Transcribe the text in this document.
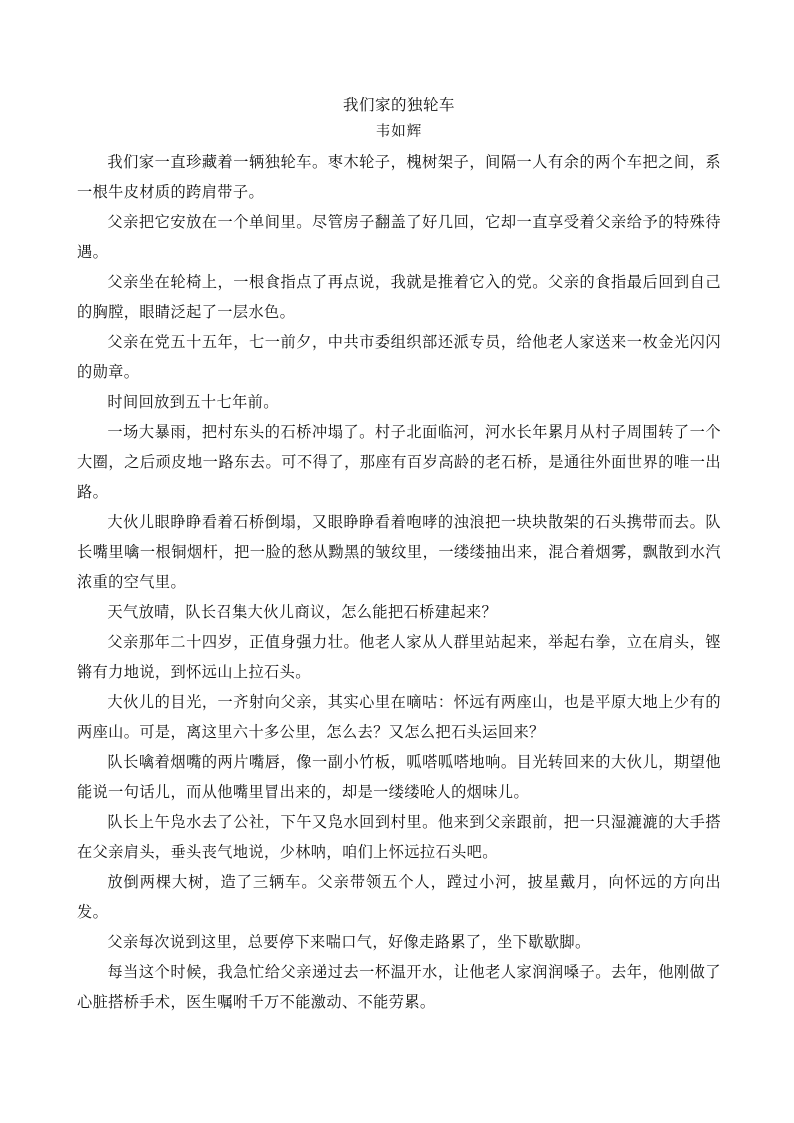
我们家的独轮车
韦如辉

我们家一直珍藏着一辆独轮车。枣木轮子，槐树架子，间隔一人有余的两个车把之间，系一根牛皮材质的跨肩带子。

父亲把它安放在一个单间里。尽管房子翻盖了好几回，它却一直享受着父亲给予的特殊待遇。

父亲坐在轮椅上，一根食指点了再点说，我就是推着它入的党。父亲的食指最后回到自己的胸膛，眼睛泛起了一层水色。

父亲在党五十五年，七一前夕，中共市委组织部还派专员，给他老人家送来一枚金光闪闪的勋章。

时间回放到五十七年前。

一场大暴雨，把村东头的石桥冲塌了。村子北面临河，河水长年累月从村子周围转了一个大圈，之后顽皮地一路东去。可不得了，那座有百岁高龄的老石桥，是通往外面世界的唯一出路。

大伙儿眼睁睁看着石桥倒塌，又眼睁睁看着咆哮的浊浪把一块块散架的石头携带而去。队长嘴里噙一根铜烟杆，把一脸的愁从黝黑的皱纹里，一缕缕抽出来，混合着烟雾，飘散到水汽浓重的空气里。

天气放晴，队长召集大伙儿商议，怎么能把石桥建起来？

父亲那年二十四岁，正值身强力壮。他老人家从人群里站起来，举起右拳，立在肩头，铿锵有力地说，到怀远山上拉石头。

大伙儿的目光，一齐射向父亲，其实心里在嘀咕：怀远有两座山，也是平原大地上少有的两座山。可是，离这里六十多公里，怎么去？又怎么把石头运回来？

队长噙着烟嘴的两片嘴唇，像一副小竹板，呱嗒呱嗒地响。目光转回来的大伙儿，期望他能说一句话儿，而从他嘴里冒出来的，却是一缕缕呛人的烟味儿。

队长上午凫水去了公社，下午又凫水回到村里。他来到父亲跟前，把一只湿漉漉的大手搭在父亲肩头，垂头丧气地说，少林呐，咱们上怀远拉石头吧。

放倒两棵大树，造了三辆车。父亲带领五个人，蹚过小河，披星戴月，向怀远的方向出发。

父亲每次说到这里，总要停下来喘口气，好像走路累了，坐下歇歇脚。

每当这个时候，我急忙给父亲递过去一杯温开水，让他老人家润润嗓子。去年，他刚做了心脏搭桥手术，医生嘱咐千万不能激动、不能劳累。
